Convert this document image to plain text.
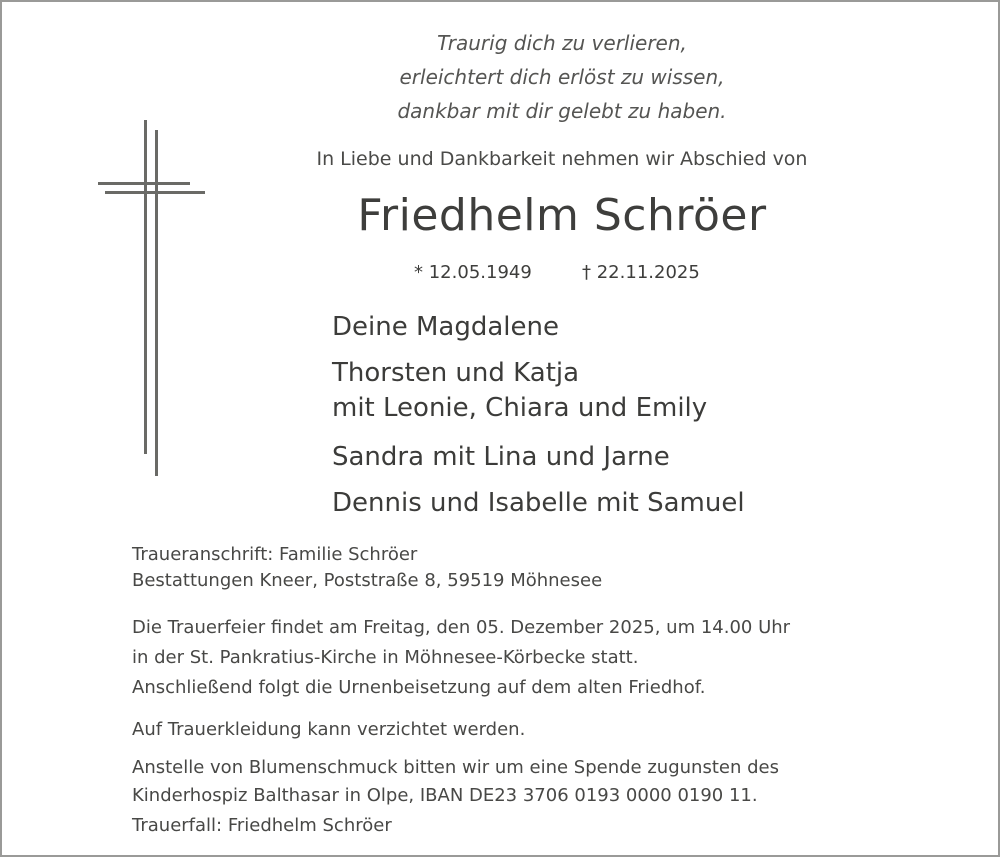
Traurig dich zu verlieren,
erleichtert dich erlöst zu wissen,
dankbar mit dir gelebt zu haben.
In Liebe und Dankbarkeit nehmen wir Abschied von
Friedhelm Schröer
* 12.05.1949	† 22.11.2025
Deine Magdalene
Thorsten und Katja
mit Leonie, Chiara und Emily
Sandra mit Lina und Jarne
Dennis und Isabelle mit Samuel
Traueranschrift: Familie Schröer
Bestattungen Kneer, Poststraße 8, 59519 Möhnesee
Die Trauerfeier findet am Freitag, den 05. Dezember 2025, um 14.00 Uhr
in der St. Pankratius-Kirche in Möhnesee-Körbecke statt.
Anschließend folgt die Urnenbeisetzung auf dem alten Friedhof.
Auf Trauerkleidung kann verzichtet werden.
Anstelle von Blumenschmuck bitten wir um eine Spende zugunsten des
Kinderhospiz Balthasar in Olpe, IBAN DE23 3706 0193 0000 0190 11.
Trauerfall: Friedhelm Schröer
